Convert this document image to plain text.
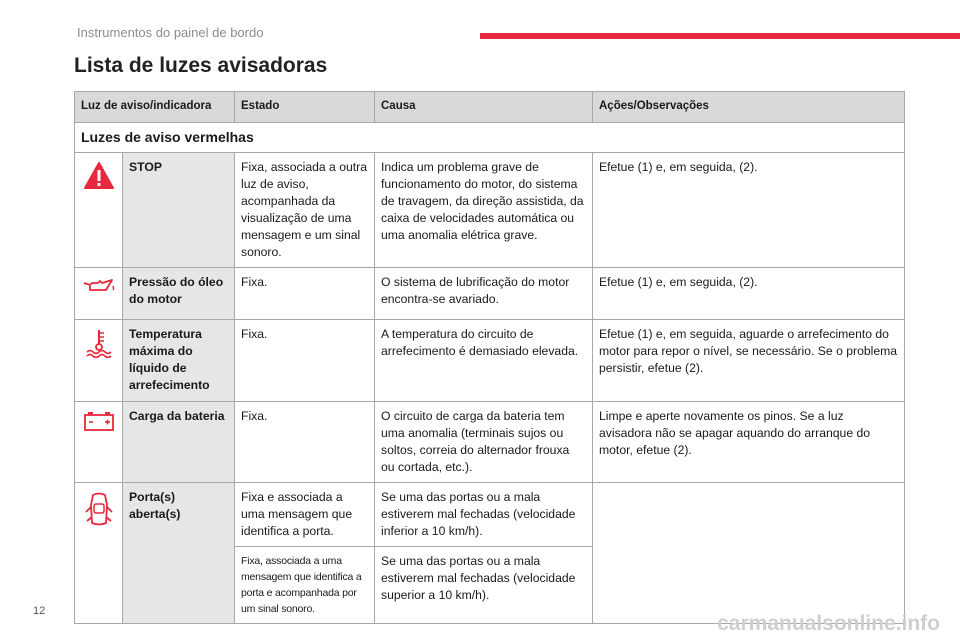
Instrumentos do painel de bordo
Lista de luzes avisadoras
Luz de aviso/indicadora		Estado	Causa	Ações/Observações
Luzes de aviso vermelhas				
	STOP	Fixa, associada a outra luz de aviso, acompanhada da visualização de uma mensagem e um sinal sonoro.	Indica um problema grave de funcionamento do motor, do sistema de travagem, da direção assistida, da caixa de velocidades automática ou uma anomalia elétrica grave.	Efetue (1) e, em seguida, (2).
	Pressão do óleo do motor	Fixa.	O sistema de lubrificação do motor encontra-se avariado.	Efetue (1) e, em seguida, (2).
	Temperatura máxima do líquido de arrefecimento	Fixa.	A temperatura do circuito de arrefecimento é demasiado elevada.	Efetue (1) e, em seguida, aguarde o arrefecimento do motor para repor o nível, se necessário. Se o problema persistir, efetue (2).
	Carga da bateria	Fixa.	O circuito de carga da bateria tem uma anomalia (terminais sujos ou soltos, correia do alternador frouxa ou cortada, etc.).	Limpe e aperte novamente os pinos. Se a luz avisadora não se apagar aquando do arranque do motor, efetue (2).
	Porta(s) aberta(s)	Fixa e associada a uma mensagem que identifica a porta.	Se uma das portas ou a mala estiverem mal fechadas (velocidade inferior a 10 km/h).	
		Fixa, associada a uma mensagem que identifica a porta e acompanhada por um sinal sonoro.	Se uma das portas ou a mala estiverem mal fechadas (velocidade superior a 10 km/h).	
12
carmanualsonline.info
